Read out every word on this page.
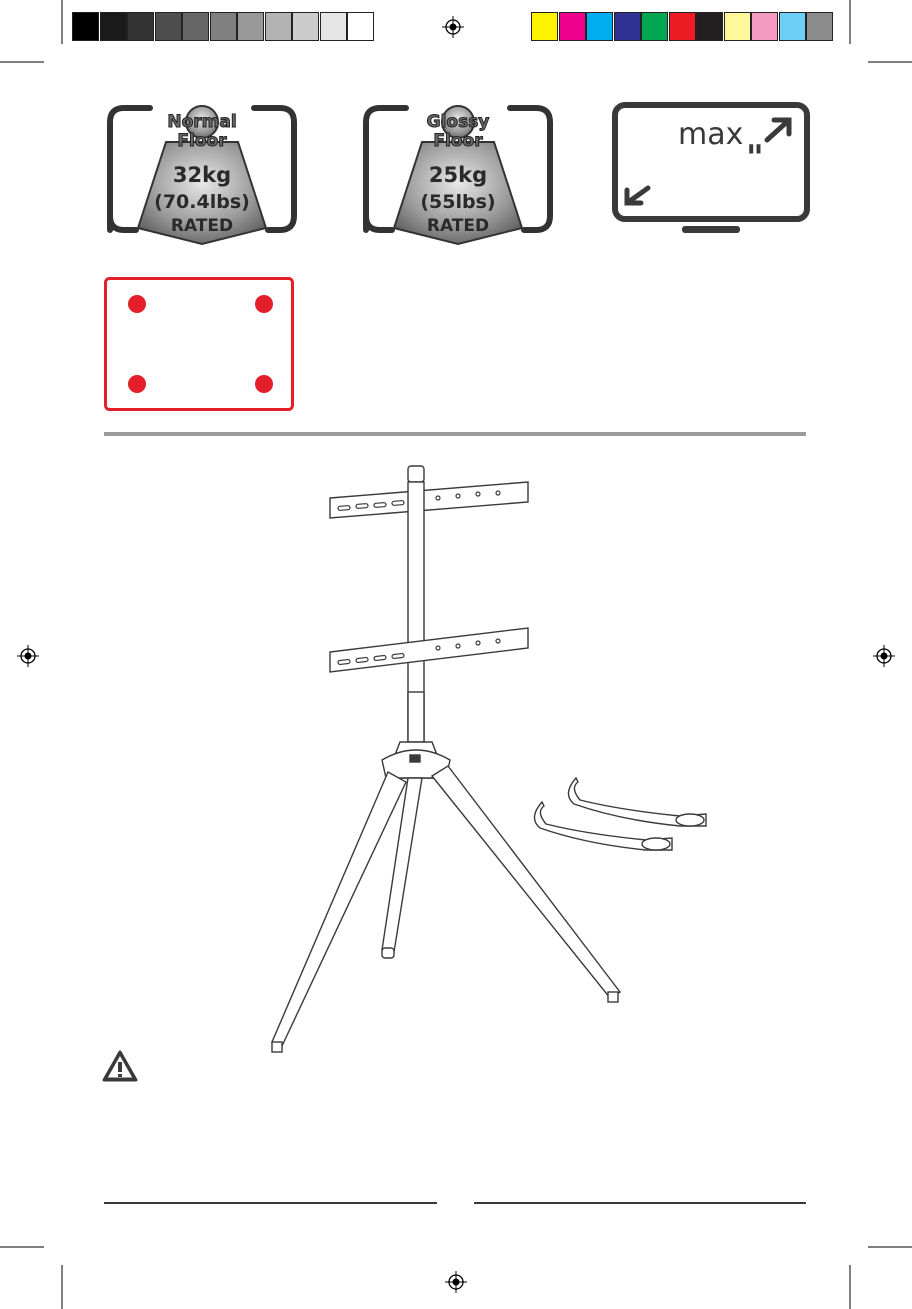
Normal
Floor
32kg
(70.4lbs)
RATED
Glossy
Floor
25kg
(55lbs)
RATED
max
"
